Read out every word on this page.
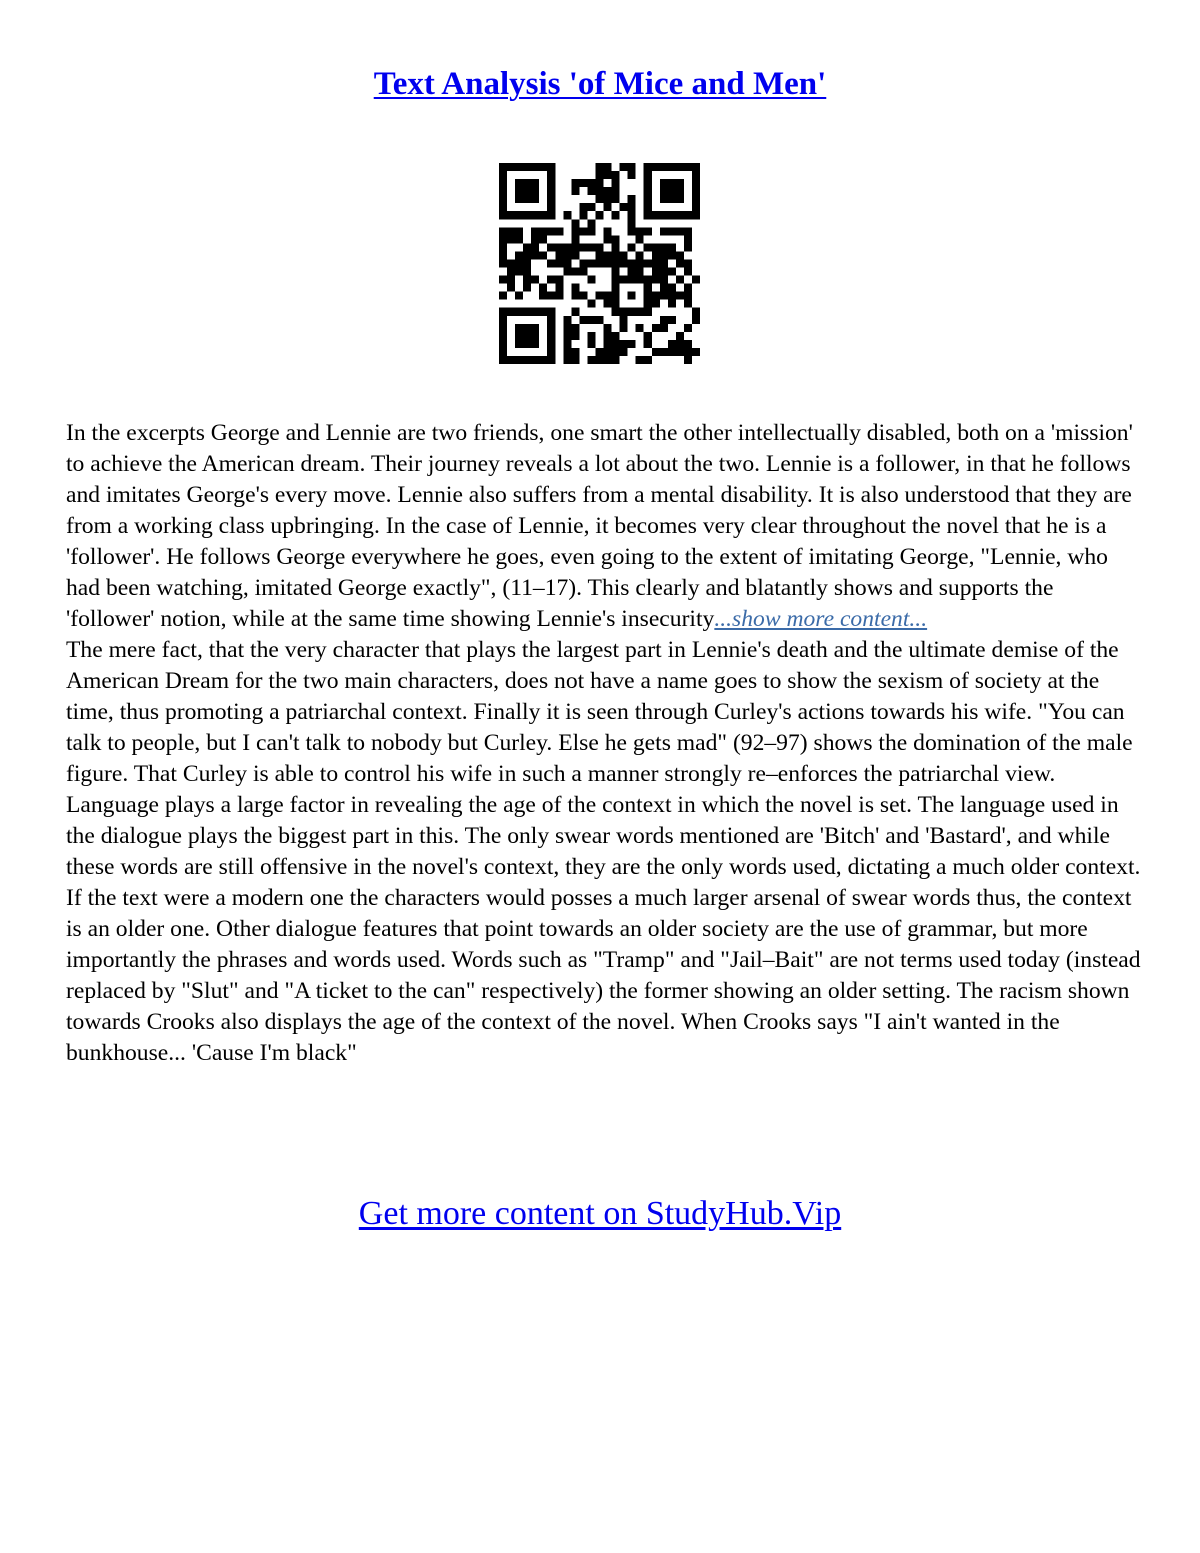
Text Analysis 'of Mice and Men'

In the excerpts George and Lennie are two friends, one smart the other intellectually disabled, both on a 'mission' to achieve the American dream. Their journey reveals a lot about the two. Lennie is a follower, in that he follows and imitates George's every move. Lennie also suffers from a mental disability. It is also understood that they are from a working class upbringing. In the case of Lennie, it becomes very clear throughout the novel that he is a 'follower'. He follows George everywhere he goes, even going to the extent of imitating George, "Lennie, who had been watching, imitated George exactly", (11–17). This clearly and blatantly shows and supports the 'follower' notion, while at the same time showing Lennie's insecurity...show more content...

The mere fact, that the very character that plays the largest part in Lennie's death and the ultimate demise of the American Dream for the two main characters, does not have a name goes to show the sexism of society at the time, thus promoting a patriarchal context. Finally it is seen through Curley's actions towards his wife. "You can talk to people, but I can't talk to nobody but Curley. Else he gets mad" (92–97) shows the domination of the male figure. That Curley is able to control his wife in such a manner strongly re–enforces the patriarchal view. Language plays a large factor in revealing the age of the context in which the novel is set. The language used in the dialogue plays the biggest part in this. The only swear words mentioned are 'Bitch' and 'Bastard', and while these words are still offensive in the novel's context, they are the only words used, dictating a much older context. If the text were a modern one the characters would posses a much larger arsenal of swear words thus, the context is an older one. Other dialogue features that point towards an older society are the use of grammar, but more importantly the phrases and words used. Words such as "Tramp" and "Jail–Bait" are not terms used today (instead replaced by "Slut" and "A ticket to the can" respectively) the former showing an older setting. The racism shown towards Crooks also displays the age of the context of the novel. When Crooks says "I ain't wanted in the bunkhouse... 'Cause I'm black"

Get more content on StudyHub.Vip
